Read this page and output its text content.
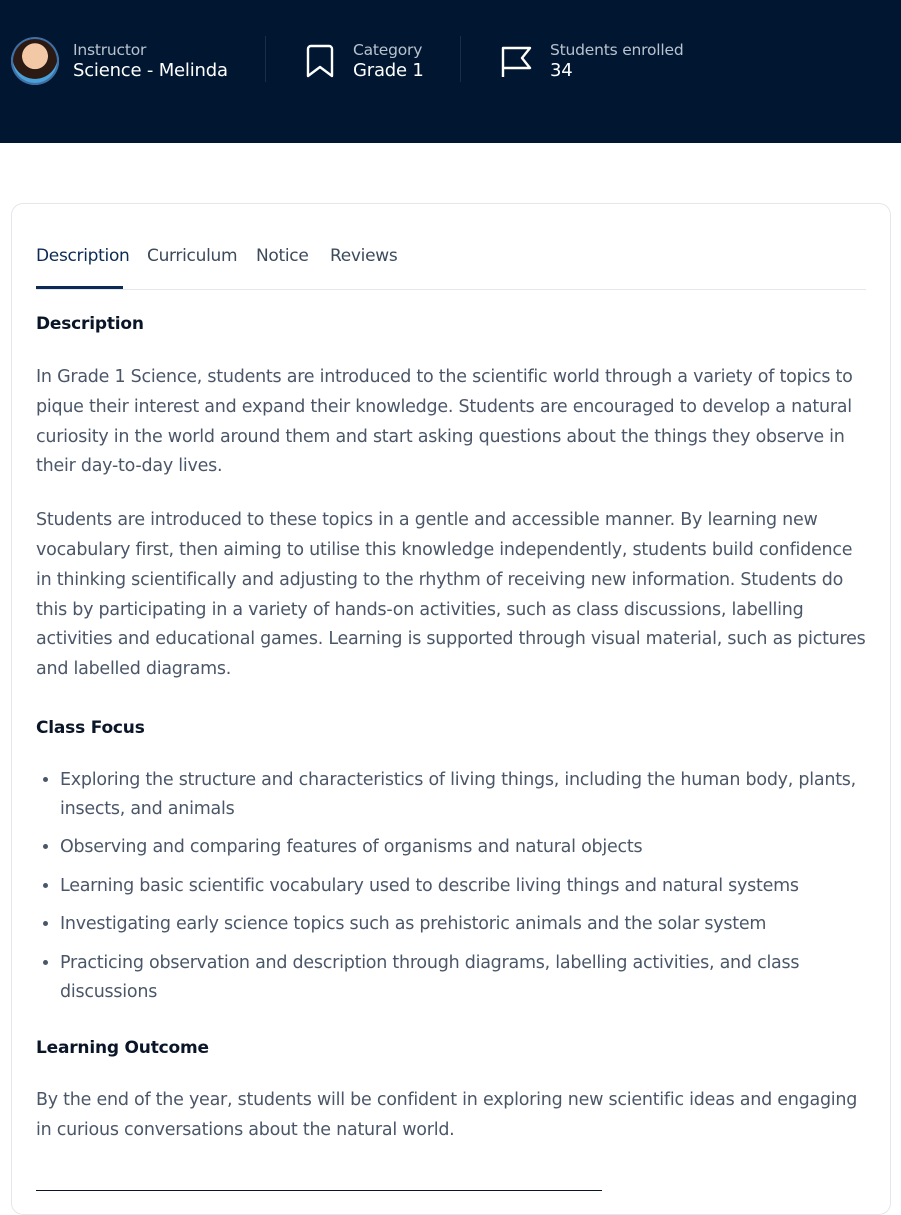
Instructor
Science - Melinda
Category
Grade 1
Students enrolled
34
Description Curriculum Notice Reviews
Description

In Grade 1 Science, students are introduced to the scientific world through a variety of topics to pique their interest and expand their knowledge. Students are encouraged to develop a natural curiosity in the world around them and start asking questions about the things they observe in their day-to-day lives.

Students are introduced to these topics in a gentle and accessible manner. By learning new vocabulary first, then aiming to utilise this knowledge independently, students build confidence in thinking scientifically and adjusting to the rhythm of receiving new information. Students do this by participating in a variety of hands-on activities, such as class discussions, labelling activities and educational games. Learning is supported through visual material, such as pictures and labelled diagrams.

Class Focus
• Exploring the structure and characteristics of living things, including the human body, plants, insects, and animals
• Observing and comparing features of organisms and natural objects
• Learning basic scientific vocabulary used to describe living things and natural systems
• Investigating early science topics such as prehistoric animals and the solar system
• Practicing observation and description through diagrams, labelling activities, and class discussions
Learning Outcome

By the end of the year, students will be confident in exploring new scientific ideas and engaging in curious conversations about the natural world.
